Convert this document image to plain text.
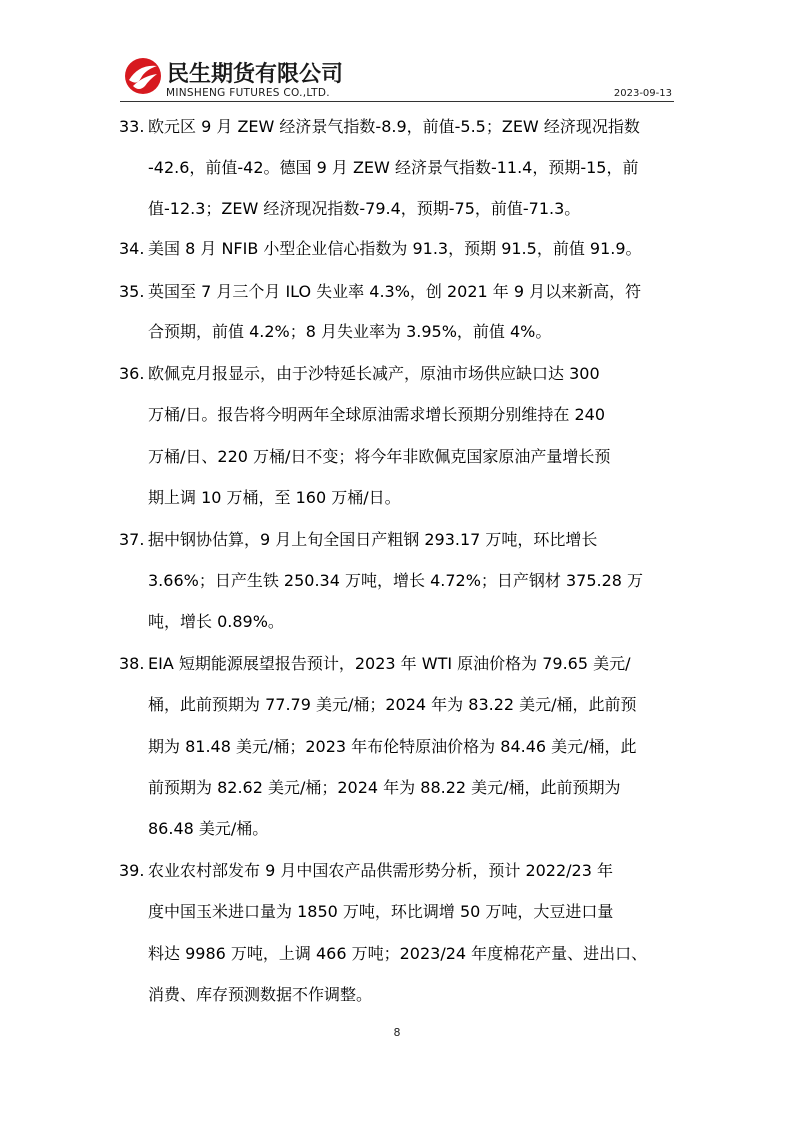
民生期货有限公司
MINSHENG FUTURES CO.,LTD.	2023-09-13
33. 欧元区 9 月 ZEW 经济景气指数-8.9，前值-5.5；ZEW 经济现况指数
-42.6，前值-42。德国 9 月 ZEW 经济景气指数-11.4，预期-15，前
值-12.3；ZEW 经济现况指数-79.4，预期-75，前值-71.3。
34. 美国 8 月 NFIB 小型企业信心指数为 91.3，预期 91.5，前值 91.9。
35. 英国至 7 月三个月 ILO 失业率 4.3%，创 2021 年 9 月以来新高，符
合预期，前值 4.2%；8 月失业率为 3.95%，前值 4%。
36. 欧佩克月报显示，由于沙特延长减产，原油市场供应缺口达 300
万桶/日。报告将今明两年全球原油需求增长预期分别维持在 240
万桶/日、220 万桶/日不变；将今年非欧佩克国家原油产量增长预
期上调 10 万桶，至 160 万桶/日。
37. 据中钢协估算，9 月上旬全国日产粗钢 293.17 万吨，环比增长
3.66%；日产生铁 250.34 万吨，增长 4.72%；日产钢材 375.28 万
吨，增长 0.89%。
38. EIA 短期能源展望报告预计，2023 年 WTI 原油价格为 79.65 美元/
桶，此前预期为 77.79 美元/桶；2024 年为 83.22 美元/桶，此前预
期为 81.48 美元/桶；2023 年布伦特原油价格为 84.46 美元/桶，此
前预期为 82.62 美元/桶；2024 年为 88.22 美元/桶，此前预期为
86.48 美元/桶。
39. 农业农村部发布 9 月中国农产品供需形势分析，预计 2022/23 年
度中国玉米进口量为 1850 万吨，环比调增 50 万吨，大豆进口量
料达 9986 万吨，上调 466 万吨；2023/24 年度棉花产量、进出口、
消费、库存预测数据不作调整。
8
